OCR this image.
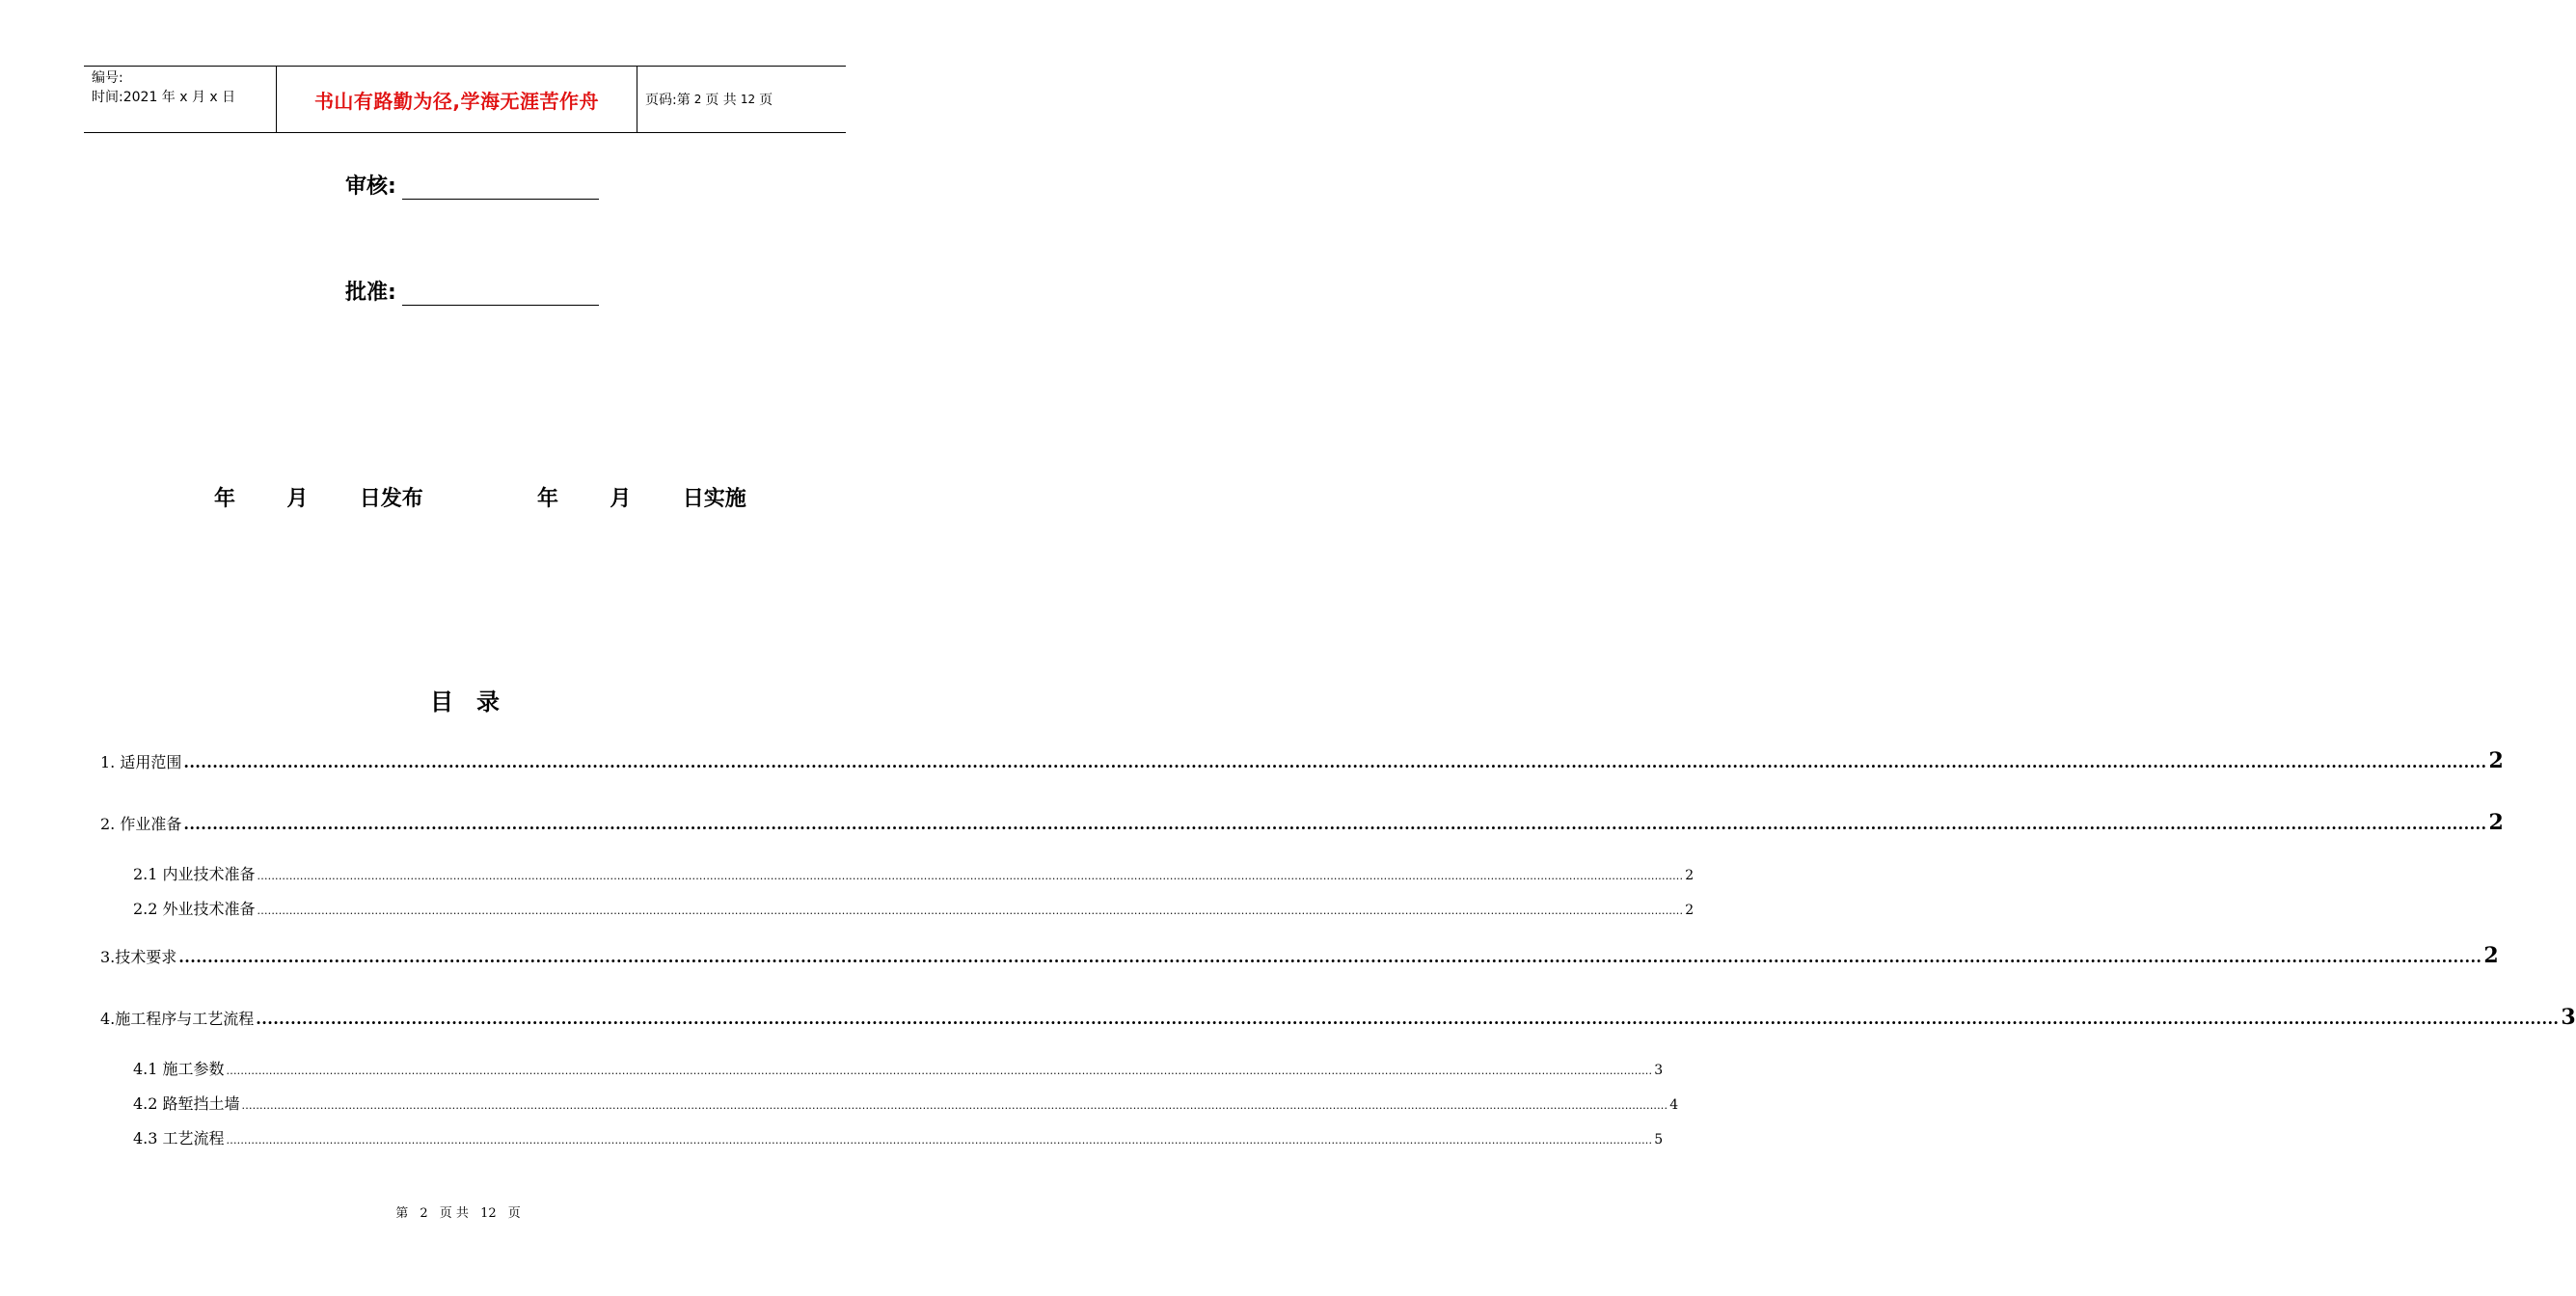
编号:
时间:2021 年 x 月 x 日	书山有路勤为径,学海无涯苦作舟	页码:第 2 页 共 12 页
审核:
批准:
年 月 日发布	年 月 日实施
目录
1. 适用范围 ................................................................................................................................................................................................................................................................................................................................................................................................................ 2
2. 作业准备 ................................................................................................................................................................................................................................................................................................................................................................................................................ 2
2.1 内业技术准备 ................................................................................................................................................................................................................................................................................................................................................................................................................ 2
2.2 外业技术准备 ................................................................................................................................................................................................................................................................................................................................................................................................................ 2
3.技术要求 ................................................................................................................................................................................................................................................................................................................................................................................................................ 2
4.施工程序与工艺流程 ................................................................................................................................................................................................................................................................................................................................................................................................................ 3
4.1 施工参数 ................................................................................................................................................................................................................................................................................................................................................................................................................ 3
4.2 路堑挡土墙 ................................................................................................................................................................................................................................................................................................................................................................................................................ 4
4.3 工艺流程 ................................................................................................................................................................................................................................................................................................................................................................................................................ 5
第 2 页 共 12 页
